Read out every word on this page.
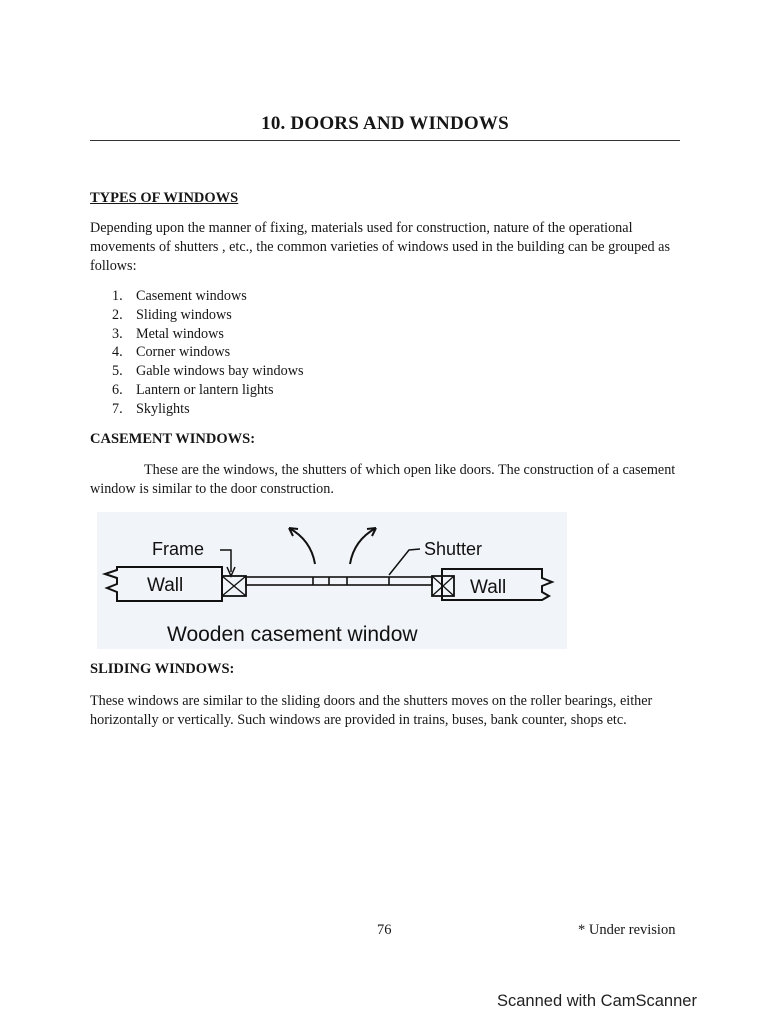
10. DOORS AND WINDOWS
TYPES OF WINDOWS
Depending upon the manner of fixing, materials used for construction, nature of the operational movements of shutters , etc., the common varieties of windows used in the building can be grouped as follows:
1. Casement windows
2. Sliding windows
3. Metal windows
4. Corner windows
5. Gable windows bay windows
6. Lantern or lantern lights
7. Skylights
CASEMENT WINDOWS:
These are the windows, the shutters of which open like doors. The construction of a casement window is similar to the door construction.
Wall	Wall
Frame	Shutter
Wooden casement window
SLIDING WINDOWS:
These windows are similar to the sliding doors and the shutters moves on the roller bearings, either horizontally or vertically. Such windows are provided in trains, buses, bank counter, shops etc.
76	* Under revision
Scanned with CamScanner
